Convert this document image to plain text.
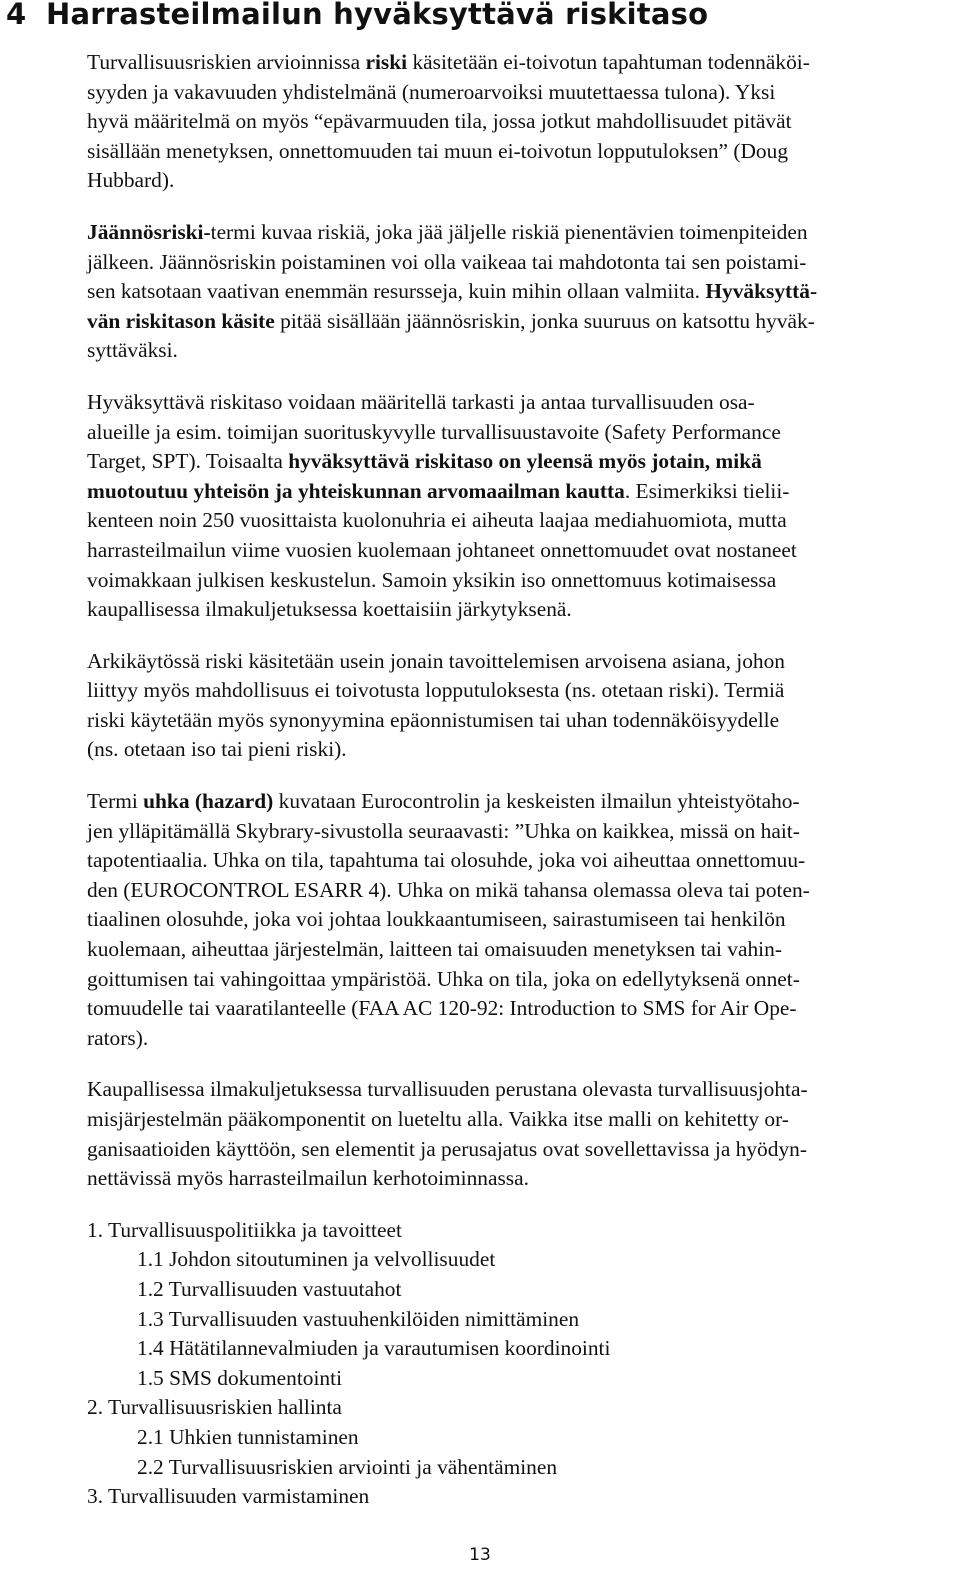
4 Harrasteilmailun hyväksyttävä riskitaso

Turvallisuusriskien arvioinnissa riski käsitetään ei-toivotun tapahtuman todennäköi-
syyden ja vakavuuden yhdistelmänä (numeroarvoiksi muutettaessa tulona). Yksi
hyvä määritelmä on myös “epävarmuuden tila, jossa jotkut mahdollisuudet pitävät
sisällään menetyksen, onnettomuuden tai muun ei-toivotun lopputuloksen” (Doug
Hubbard).

Jäännösriski-termi kuvaa riskiä, joka jää jäljelle riskiä pienentävien toimenpiteiden
jälkeen. Jäännösriskin poistaminen voi olla vaikeaa tai mahdotonta tai sen poistami-
sen katsotaan vaativan enemmän resursseja, kuin mihin ollaan valmiita. Hyväksyttä-
vän riskitason käsite pitää sisällään jäännösriskin, jonka suuruus on katsottu hyväk-
syttäväksi.

Hyväksyttävä riskitaso voidaan määritellä tarkasti ja antaa turvallisuuden osa-
alueille ja esim. toimijan suorituskyvylle turvallisuustavoite (Safety Performance
Target, SPT). Toisaalta hyväksyttävä riskitaso on yleensä myös jotain, mikä
muotoutuu yhteisön ja yhteiskunnan arvomaailman kautta. Esimerkiksi tielii-
kenteen noin 250 vuosittaista kuolonuhria ei aiheuta laajaa mediahuomiota, mutta
harrasteilmailun viime vuosien kuolemaan johtaneet onnettomuudet ovat nostaneet
voimakkaan julkisen keskustelun. Samoin yksikin iso onnettomuus kotimaisessa
kaupallisessa ilmakuljetuksessa koettaisiin järkytyksenä.

Arkikäytössä riski käsitetään usein jonain tavoittelemisen arvoisena asiana, johon
liittyy myös mahdollisuus ei toivotusta lopputuloksesta (ns. otetaan riski). Termiä
riski käytetään myös synonyymina epäonnistumisen tai uhan todennäköisyydelle
(ns. otetaan iso tai pieni riski).

Termi uhka (hazard) kuvataan Eurocontrolin ja keskeisten ilmailun yhteistyötaho-
jen ylläpitämällä Skybrary-sivustolla seuraavasti: ”Uhka on kaikkea, missä on hait-
tapotentiaalia. Uhka on tila, tapahtuma tai olosuhde, joka voi aiheuttaa onnettomuu-
den (EUROCONTROL ESARR 4). Uhka on mikä tahansa olemassa oleva tai poten-
tiaalinen olosuhde, joka voi johtaa loukkaantumiseen, sairastumiseen tai henkilön
kuolemaan, aiheuttaa järjestelmän, laitteen tai omaisuuden menetyksen tai vahin-
goittumisen tai vahingoittaa ympäristöä. Uhka on tila, joka on edellytyksenä onnet-
tomuudelle tai vaaratilanteelle (FAA AC 120-92: Introduction to SMS for Air Ope-
rators).

Kaupallisessa ilmakuljetuksessa turvallisuuden perustana olevasta turvallisuusjohta-
misjärjestelmän pääkomponentit on lueteltu alla. Vaikka itse malli on kehitetty or-
ganisaatioiden käyttöön, sen elementit ja perusajatus ovat sovellettavissa ja hyödyn-
nettävissä myös harrasteilmailun kerhotoiminnassa.

1. Turvallisuuspolitiikka ja tavoitteet
1.1 Johdon sitoutuminen ja velvollisuudet
1.2 Turvallisuuden vastuutahot
1.3 Turvallisuuden vastuuhenkilöiden nimittäminen
1.4 Hätätilannevalmiuden ja varautumisen koordinointi
1.5 SMS dokumentointi
2. Turvallisuusriskien hallinta
2.1 Uhkien tunnistaminen
2.2 Turvallisuusriskien arviointi ja vähentäminen
3. Turvallisuuden varmistaminen
13
